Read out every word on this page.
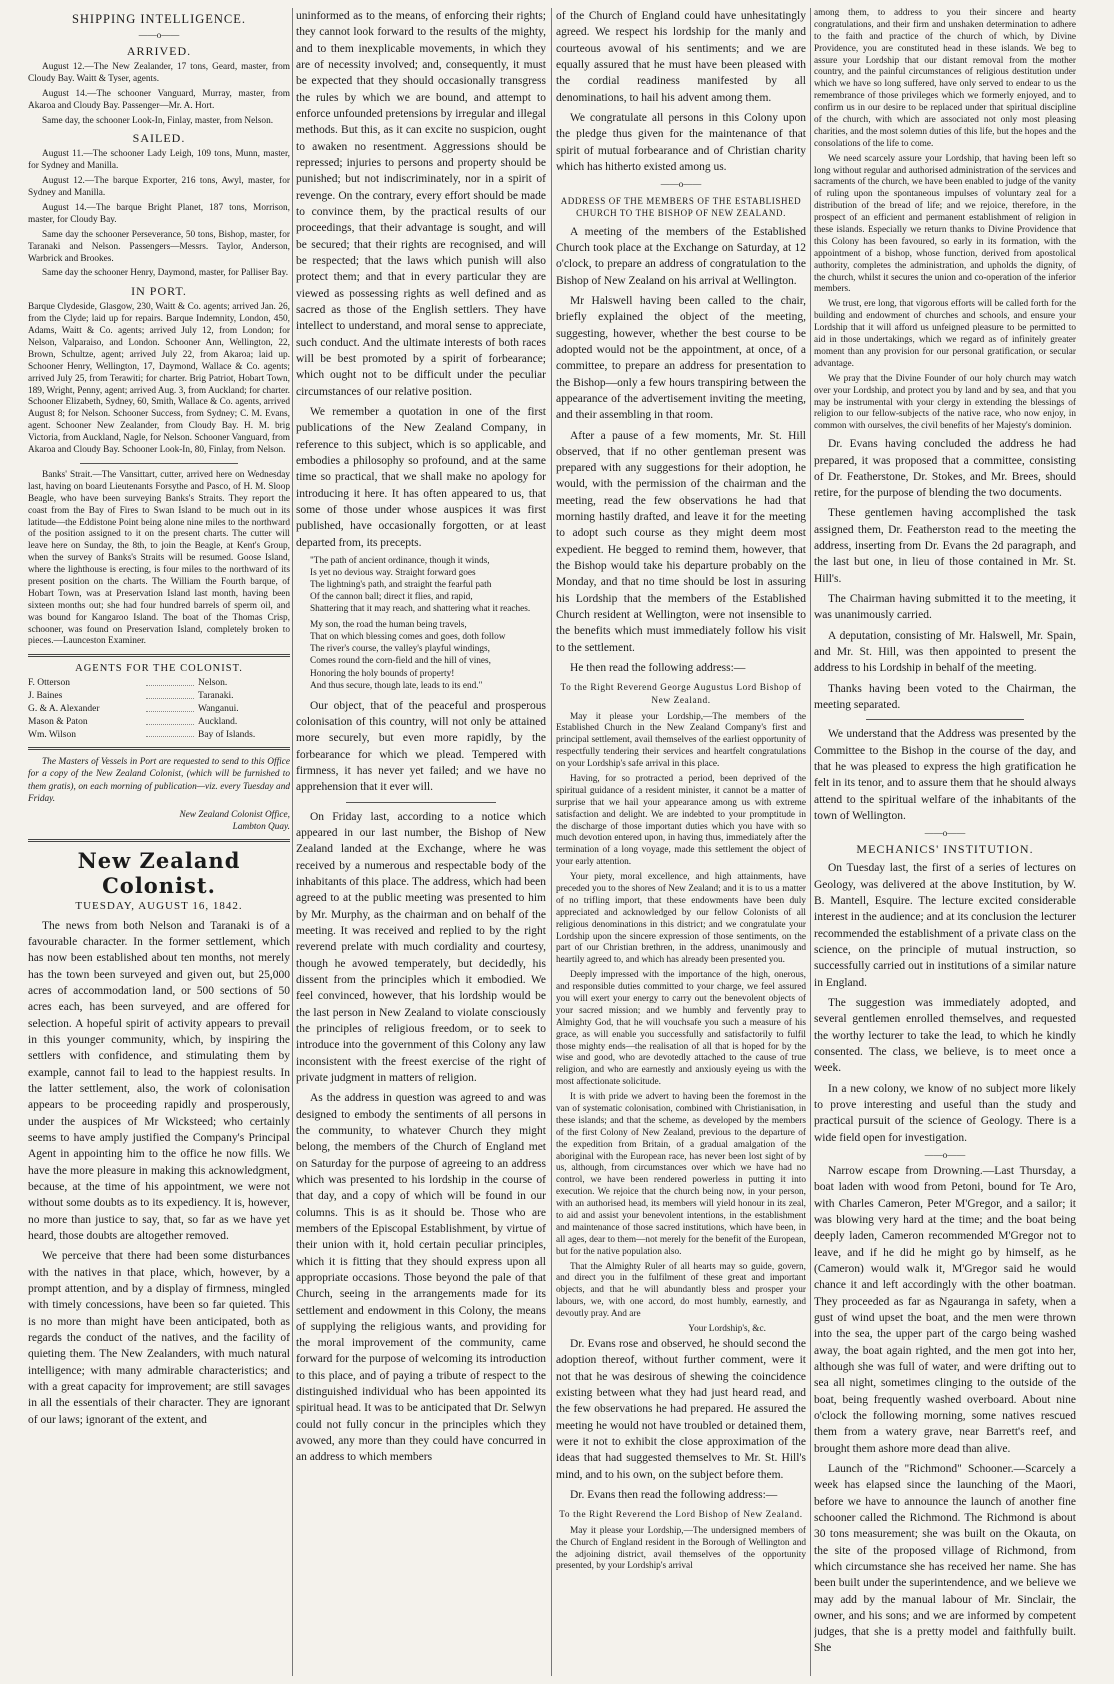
SHIPPING INTELLIGENCE.
——o——
ARRIVED.

August 12.—The New Zealander, 17 tons, Geard, master, from Cloudy Bay. Waitt & Tyser, agents.

August 14.—The schooner Vanguard, Murray, master, from Akaroa and Cloudy Bay. Passenger—Mr. A. Hort.

Same day, the schooner Look-In, Finlay, master, from Nelson.

SAILED.

August 11.—The schooner Lady Leigh, 109 tons, Munn, master, for Sydney and Manilla.

August 12.—The barque Exporter, 216 tons, Awyl, master, for Sydney and Manilla.

August 14.—The barque Bright Planet, 187 tons, Morrison, master, for Cloudy Bay.

Same day the schooner Perseverance, 50 tons, Bishop, master, for Taranaki and Nelson. Passengers—Messrs. Taylor, Anderson, Warbrick and Brookes.

Same day the schooner Henry, Daymond, master, for Palliser Bay.

IN PORT.

Barque Clydeside, Glasgow, 230, Waitt & Co. agents; arrived Jan. 26, from the Clyde; laid up for repairs. Barque Indemnity, London, 450, Adams, Waitt & Co. agents; arrived July 12, from London; for Nelson, Valparaiso, and London. Schooner Ann, Wellington, 22, Brown, Schultze, agent; arrived July 22, from Akaroa; laid up. Schooner Henry, Wellington, 17, Daymond, Wallace & Co. agents; arrived July 25, from Terawiti; for charter. Brig Patriot, Hobart Town, 189, Wright, Penny, agent; arrived Aug. 3, from Auckland; for charter. Schooner Elizabeth, Sydney, 60, Smith, Wallace & Co. agents, arrived August 8; for Nelson. Schooner Success, from Sydney; C. M. Evans, agent. Schooner New Zealander, from Cloudy Bay. H. M. brig Victoria, from Auckland, Nagle, for Nelson. Schooner Vanguard, from Akaroa and Cloudy Bay. Schooner Look-In, 80, Finlay, from Nelson.

Banks' Strait.—The Vansittart, cutter, arrived here on Wednesday last, having on board Lieutenants Forsythe and Pasco, of H. M. Sloop Beagle, who have been surveying Banks's Straits. They report the coast from the Bay of Fires to Swan Island to be much out in its latitude—the Eddistone Point being alone nine miles to the northward of the position assigned to it on the present charts. The cutter will leave here on Sunday, the 8th, to join the Beagle, at Kent's Group, when the survey of Banks's Straits will be resumed. Goose Island, where the lighthouse is erecting, is four miles to the northward of its present position on the charts. The William the Fourth barque, of Hobart Town, was at Preservation Island last month, having been sixteen months out; she had four hundred barrels of sperm oil, and was bound for Kangaroo Island. The boat of the Thomas Crisp, schooner, was found on Preservation Island, completely broken to pieces.—Launceston Examiner.

AGENTS FOR THE COLONIST.
F. Otterson	Nelson.
J. Baines	Taranaki.
G. & A. Alexander	Wanganui.
Mason & Paton	Auckland.
Wm. Wilson	Bay of Islands.

The Masters of Vessels in Port are requested to send to this Office for a copy of the New Zealand Colonist, (which will be furnished to them gratis), on each morning of publication—viz. every Tuesday and Friday.

New Zealand Colonist Office,
Lambton Quay.
New Zealand Colonist.
TUESDAY, AUGUST 16, 1842.

The news from both Nelson and Taranaki is of a favourable character. In the former settlement, which has now been established about ten months, not merely has the town been surveyed and given out, but 25,000 acres of accommodation land, or 500 sections of 50 acres each, has been surveyed, and are offered for selection. A hopeful spirit of activity appears to prevail in this younger community, which, by inspiring the settlers with confidence, and stimulating them by example, cannot fail to lead to the happiest results. In the latter settlement, also, the work of colonisation appears to be proceeding rapidly and prosperously, under the auspices of Mr Wicksteed; who certainly seems to have amply justified the Company's Principal Agent in appointing him to the office he now fills. We have the more pleasure in making this acknowledgment, because, at the time of his appointment, we were not without some doubts as to its expediency. It is, however, no more than justice to say, that, so far as we have yet heard, those doubts are altogether removed.

We perceive that there had been some disturbances with the natives in that place, which, however, by a prompt attention, and by a display of firmness, mingled with timely concessions, have been so far quieted. This is no more than might have been anticipated, both as regards the conduct of the natives, and the facility of quieting them. The New Zealanders, with much natural intelligence; with many admirable characteristics; and with a great capacity for improvement; are still savages in all the essentials of their character. They are ignorant of our laws; ignorant of the extent, and

uninformed as to the means, of enforcing their rights; they cannot look forward to the results of the mighty, and to them inexplicable movements, in which they are of necessity involved; and, consequently, it must be expected that they should occasionally transgress the rules by which we are bound, and attempt to enforce unfounded pretensions by irregular and illegal methods. But this, as it can excite no suspicion, ought to awaken no resentment. Aggressions should be repressed; injuries to persons and property should be punished; but not indiscriminately, nor in a spirit of revenge. On the contrary, every effort should be made to convince them, by the practical results of our proceedings, that their advantage is sought, and will be secured; that their rights are recognised, and will be respected; that the laws which punish will also protect them; and that in every particular they are viewed as possessing rights as well defined and as sacred as those of the English settlers. They have intellect to understand, and moral sense to appreciate, such conduct. And the ultimate interests of both races will be best promoted by a spirit of forbearance; which ought not to be difficult under the peculiar circumstances of our relative position.

We remember a quotation in one of the first publications of the New Zealand Company, in reference to this subject, which is so applicable, and embodies a philosophy so profound, and at the same time so practical, that we shall make no apology for introducing it here. It has often appeared to us, that some of those under whose auspices it was first published, have occasionally forgotten, or at least departed from, its precepts.

"The path of ancient ordinance, though it winds,
Is yet no devious way. Straight forward goes
The lightning's path, and straight the fearful path
Of the cannon ball; direct it flies, and rapid,
Shattering that it may reach, and shattering what it reaches.
My son, the road the human being travels,
That on which blessing comes and goes, doth follow
The river's course, the valley's playful windings,
Comes round the corn-field and the hill of vines,
Honoring the holy bounds of property!
And thus secure, though late, leads to its end."

Our object, that of the peaceful and prosperous colonisation of this country, will not only be attained more securely, but even more rapidly, by the forbearance for which we plead. Tempered with firmness, it has never yet failed; and we have no apprehension that it ever will.

On Friday last, according to a notice which appeared in our last number, the Bishop of New Zealand landed at the Exchange, where he was received by a numerous and respectable body of the inhabitants of this place. The address, which had been agreed to at the public meeting was presented to him by Mr. Murphy, as the chairman and on behalf of the meeting. It was received and replied to by the right reverend prelate with much cordiality and courtesy, though he avowed temperately, but decidedly, his dissent from the principles which it embodied. We feel convinced, however, that his lordship would be the last person in New Zealand to violate consciously the principles of religious freedom, or to seek to introduce into the government of this Colony any law inconsistent with the freest exercise of the right of private judgment in matters of religion.

As the address in question was agreed to and was designed to embody the sentiments of all persons in the community, to whatever Church they might belong, the members of the Church of England met on Saturday for the purpose of agreeing to an address which was presented to his lordship in the course of that day, and a copy of which will be found in our columns. This is as it should be. Those who are members of the Episcopal Establishment, by virtue of their union with it, hold certain peculiar principles, which it is fitting that they should express upon all appropriate occasions. Those beyond the pale of that Church, seeing in the arrangements made for its settlement and endowment in this Colony, the means of supplying the religious wants, and providing for the moral improvement of the community, came forward for the purpose of welcoming its introduction to this place, and of paying a tribute of respect to the distinguished individual who has been appointed its spiritual head. It was to be anticipated that Dr. Selwyn could not fully concur in the principles which they avowed, any more than they could have concurred in an address to which members

of the Church of England could have unhesitatingly agreed. We respect his lordship for the manly and courteous avowal of his sentiments; and we are equally assured that he must have been pleased with the cordial readiness manifested by all denominations, to hail his advent among them.

We congratulate all persons in this Colony upon the pledge thus given for the maintenance of that spirit of mutual forbearance and of Christian charity which has hitherto existed among us.

——o——
ADDRESS OF THE MEMBERS OF THE ESTABLISHED CHURCH TO THE BISHOP OF NEW ZEALAND.

A meeting of the members of the Established Church took place at the Exchange on Saturday, at 12 o'clock, to prepare an address of congratulation to the Bishop of New Zealand on his arrival at Wellington.

Mr Halswell having been called to the chair, briefly explained the object of the meeting, suggesting, however, whether the best course to be adopted would not be the appointment, at once, of a committee, to prepare an address for presentation to the Bishop—only a few hours transpiring between the appearance of the advertisement inviting the meeting, and their assembling in that room.

After a pause of a few moments, Mr. St. Hill observed, that if no other gentleman present was prepared with any suggestions for their adoption, he would, with the permission of the chairman and the meeting, read the few observations he had that morning hastily drafted, and leave it for the meeting to adopt such course as they might deem most expedient. He begged to remind them, however, that the Bishop would take his departure probably on the Monday, and that no time should be lost in assuring his Lordship that the members of the Established Church resident at Wellington, were not insensible to the benefits which must immediately follow his visit to the settlement.

He then read the following address:—

To the Right Reverend George Augustus Lord Bishop of New Zealand.

May it please your Lordship,—The members of the Established Church in the New Zealand Company's first and principal settlement, avail themselves of the earliest opportunity of respectfully tendering their services and heartfelt congratulations on your Lordship's safe arrival in this place.

Having, for so protracted a period, been deprived of the spiritual guidance of a resident minister, it cannot be a matter of surprise that we hail your appearance among us with extreme satisfaction and delight. We are indebted to your promptitude in the discharge of those important duties which you have with so much devotion entered upon, in having thus, immediately after the termination of a long voyage, made this settlement the object of your early attention.

Your piety, moral excellence, and high attainments, have preceded you to the shores of New Zealand; and it is to us a matter of no trifling import, that these endowments have been duly appreciated and acknowledged by our fellow Colonists of all religious denominations in this district; and we congratulate your Lordship upon the sincere expression of those sentiments, on the part of our Christian brethren, in the address, unanimously and heartily agreed to, and which has already been presented you.

Deeply impressed with the importance of the high, onerous, and responsible duties committed to your charge, we feel assured you will exert your energy to carry out the benevolent objects of your sacred mission; and we humbly and fervently pray to Almighty God, that he will vouchsafe you such a measure of his grace, as will enable you successfully and satisfactorily to fulfil those mighty ends—the realisation of all that is hoped for by the wise and good, who are devotedly attached to the cause of true religion, and who are earnestly and anxiously eyeing us with the most affectionate solicitude.

It is with pride we advert to having been the foremost in the van of systematic colonisation, combined with Christianisation, in these islands; and that the scheme, as developed by the members of the first Colony of New Zealand, previous to the departure of the expedition from Britain, of a gradual amalgation of the aboriginal with the European race, has never been lost sight of by us, although, from circumstances over which we have had no control, we have been rendered powerless in putting it into execution. We rejoice that the church being now, in your person, with an authorised head, its members will yield honour in its zeal, to aid and assist your benevolent intentions, in the establishment and maintenance of those sacred institutions, which have been, in all ages, dear to them—not merely for the benefit of the European, but for the native population also.

That the Almighty Ruler of all hearts may so guide, govern, and direct you in the fulfilment of these great and important objects, and that he will abundantly bless and prosper your labours, we, with one accord, do most humbly, earnestly, and devoutly pray. And are

Your Lordship's, &c.

Dr. Evans rose and observed, he should second the adoption thereof, without further comment, were it not that he was desirous of shewing the coincidence existing between what they had just heard read, and the few observations he had prepared. He assured the meeting he would not have troubled or detained them, were it not to exhibit the close approximation of the ideas that had suggested themselves to Mr. St. Hill's mind, and to his own, on the subject before them.

Dr. Evans then read the following address:—

To the Right Reverend the Lord Bishop of New Zealand.

May it please your Lordship,—The undersigned members of the Church of England resident in the Borough of Wellington and the adjoining district, avail themselves of the opportunity presented, by your Lordship's arrival

among them, to address to you their sincere and hearty congratulations, and their firm and unshaken determination to adhere to the faith and practice of the church of which, by Divine Providence, you are constituted head in these islands. We beg to assure your Lordship that our distant removal from the mother country, and the painful circumstances of religious destitution under which we have so long suffered, have only served to endear to us the remembrance of those privileges which we formerly enjoyed, and to confirm us in our desire to be replaced under that spiritual discipline of the church, with which are associated not only most pleasing charities, and the most solemn duties of this life, but the hopes and the consolations of the life to come.

We need scarcely assure your Lordship, that having been left so long without regular and authorised administration of the services and sacraments of the church, we have been enabled to judge of the vanity of ruling upon the spontaneous impulses of voluntary zeal for a distribution of the bread of life; and we rejoice, therefore, in the prospect of an efficient and permanent establishment of religion in these islands. Especially we return thanks to Divine Providence that this Colony has been favoured, so early in its formation, with the appointment of a bishop, whose function, derived from apostolical authority, completes the administration, and upholds the dignity, of the church, whilst it secures the union and co-operation of the inferior members.

We trust, ere long, that vigorous efforts will be called forth for the building and endowment of churches and schools, and ensure your Lordship that it will afford us unfeigned pleasure to be permitted to aid in those undertakings, which we regard as of infinitely greater moment than any provision for our personal gratification, or secular advantage.

We pray that the Divine Founder of our holy church may watch over your Lordship, and protect you by land and by sea, and that you may be instrumental with your clergy in extending the blessings of religion to our fellow-subjects of the native race, who now enjoy, in common with ourselves, the civil benefits of her Majesty's dominion.

Dr. Evans having concluded the address he had prepared, it was proposed that a committee, consisting of Dr. Featherstone, Dr. Stokes, and Mr. Brees, should retire, for the purpose of blending the two documents.

These gentlemen having accomplished the task assigned them, Dr. Featherston read to the meeting the address, inserting from Dr. Evans the 2d paragraph, and the last but one, in lieu of those contained in Mr. St. Hill's.

The Chairman having submitted it to the meeting, it was unanimously carried.

A deputation, consisting of Mr. Halswell, Mr. Spain, and Mr. St. Hill, was then appointed to present the address to his Lordship in behalf of the meeting.

Thanks having been voted to the Chairman, the meeting separated.

We understand that the Address was presented by the Committee to the Bishop in the course of the day, and that he was pleased to express the high gratification he felt in its tenor, and to assure them that he should always attend to the spiritual welfare of the inhabitants of the town of Wellington.

——o——
MECHANICS' INSTITUTION.

On Tuesday last, the first of a series of lectures on Geology, was delivered at the above Institution, by W. B. Mantell, Esquire. The lecture excited considerable interest in the audience; and at its conclusion the lecturer recommended the establishment of a private class on the science, on the principle of mutual instruction, so successfully carried out in institutions of a similar nature in England.

The suggestion was immediately adopted, and several gentlemen enrolled themselves, and requested the worthy lecturer to take the lead, to which he kindly consented. The class, we believe, is to meet once a week.

In a new colony, we know of no subject more likely to prove interesting and useful than the study and practical pursuit of the science of Geology. There is a wide field open for investigation.

——o——

Narrow escape from Drowning.—Last Thursday, a boat laden with wood from Petoni, bound for Te Aro, with Charles Cameron, Peter M'Gregor, and a sailor; it was blowing very hard at the time; and the boat being deeply laden, Cameron recommended M'Gregor not to leave, and if he did he might go by himself, as he (Cameron) would walk it, M'Gregor said he would chance it and left accordingly with the other boatman. They proceeded as far as Ngauranga in safety, when a gust of wind upset the boat, and the men were thrown into the sea, the upper part of the cargo being washed away, the boat again righted, and the men got into her, although she was full of water, and were drifting out to sea all night, sometimes clinging to the outside of the boat, being frequently washed overboard. About nine o'clock the following morning, some natives rescued them from a watery grave, near Barrett's reef, and brought them ashore more dead than alive.

Launch of the "Richmond" Schooner.—Scarcely a week has elapsed since the launching of the Maori, before we have to announce the launch of another fine schooner called the Richmond. The Richmond is about 30 tons measurement; she was built on the Okauta, on the site of the proposed village of Richmond, from which circumstance she has received her name. She has been built under the superintendence, and we believe we may add by the manual labour of Mr. Sinclair, the owner, and his sons; and we are informed by competent judges, that she is a pretty model and faithfully built. She
